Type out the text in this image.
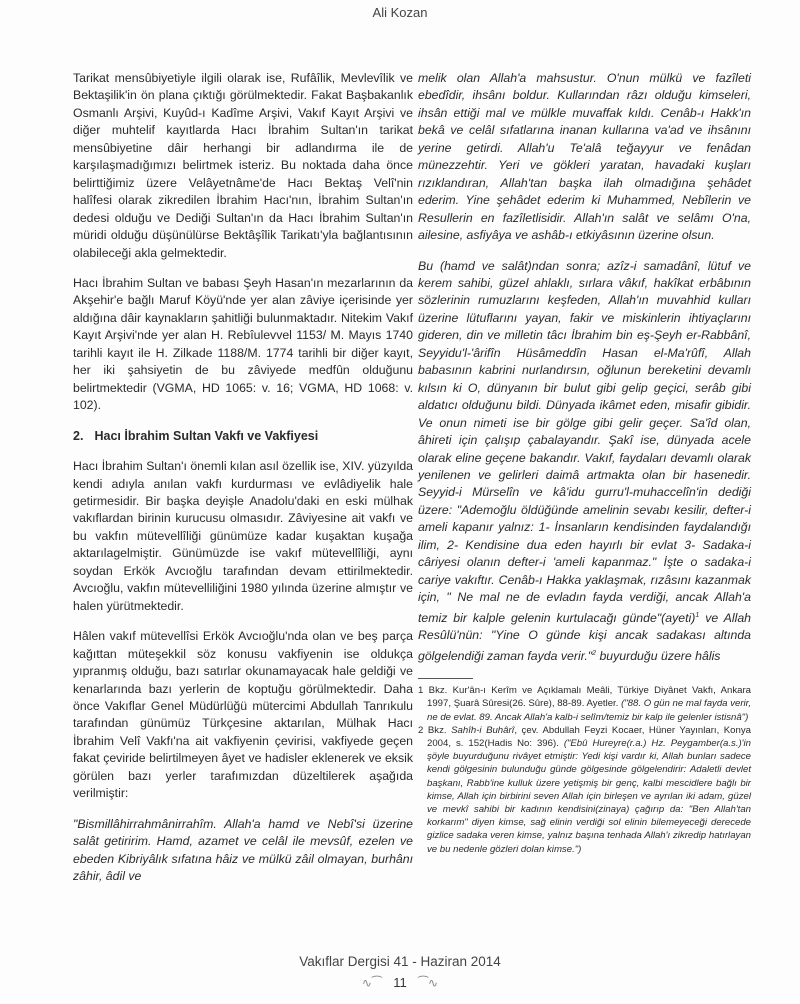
Ali Kozan

Tarikat mensûbiyetiyle ilgili olarak ise, Rufâîlik, Mevlevîlik ve Bektaşilik'in ön plana çıktığı görülmektedir. Fakat Başbakanlık Osmanlı Arşivi, Kuyûd-ı Kadîme Arşivi, Vakıf Kayıt Arşivi ve diğer muhtelif kayıtlarda Hacı İbrahim Sultan'ın tarikat mensûbiyetine dâir herhangi bir adlandırma ile de karşılaşmadığımızı belirtmek isteriz. Bu noktada daha önce belirttiğimiz üzere Velâyetnâme'de Hacı Bektaş Velî'nin halîfesi olarak zikredilen İbrahim Hacı'nın, İbrahim Sultan'ın dedesi olduğu ve Dediği Sultan'ın da Hacı İbrahim Sultan'ın müridi olduğu düşünülürse Bektâşîlik Tarikatı'yla bağlantısının olabileceği akla gelmektedir.

Hacı İbrahim Sultan ve babası Şeyh Hasan'ın mezarlarının da Akşehir'e bağlı Maruf Köyü'nde yer alan zâviye içerisinde yer aldığına dâir kaynakların şahitliği bulunmaktadır. Nitekim Vakıf Kayıt Arşivi'nde yer alan H. Rebîulevvel 1153/ M. Mayıs 1740 tarihli kayıt ile H. Zilkade 1188/M. 1774 tarihli bir diğer kayıt, her iki şahsiyetin de bu zâviyede medfûn olduğunu belirtmektedir (VGMA, HD 1065: v. 16; VGMA, HD 1068: v. 102).

2. Hacı İbrahim Sultan Vakfı ve Vakfiyesi

Hacı İbrahim Sultan'ı önemli kılan asıl özellik ise, XIV. yüzyılda kendi adıyla anılan vakfı kurdurması ve evlâdiyelik hale getirmesidir. Bir başka deyişle Anadolu'daki en eski mülhak vakıflardan birinin kurucusu olmasıdır. Zâviyesine ait vakfı ve bu vakfın mütevellîliği günümüze kadar kuşaktan kuşağa aktarılagelmiştir. Günümüzde ise vakıf mütevellîliği, aynı soydan Erkök Avcıoğlu tarafından devam ettirilmektedir. Avcıoğlu, vakfın mütevelliliğini 1980 yılında üzerine almıştır ve halen yürütmektedir.

Hâlen vakıf mütevellîsi Erkök Avcıoğlu'nda olan ve beş parça kağıttan müteşekkil söz konusu vakfiyenin ise oldukça yıpranmış olduğu, bazı satırlar okunamayacak hale geldiği ve kenarlarında bazı yerlerin de koptuğu görülmektedir. Daha önce Vakıflar Genel Müdürlüğü mütercimi Abdullah Tanrıkulu tarafından günümüz Türkçesine aktarılan, Mülhak Hacı İbrahim Velî Vakfı'na ait vakfiyenin çevirisi, vakfiyede geçen fakat çeviride belirtilmeyen âyet ve hadisler eklenerek ve eksik görülen bazı yerler tarafımızdan düzeltilerek aşağıda verilmiştir:

"Bismillâhirrahmânirrahîm. Allah'a hamd ve Nebî'si üzerine salât getiririm. Hamd, azamet ve celâl ile mevsûf, ezelen ve ebeden Kibriyâlık sıfatına hâiz ve mülkü zâil olmayan, burhânı zâhir, âdil ve

melik olan Allah'a mahsustur. O'nun mülkü ve fazîleti ebedîdir, ihsânı boldur. Kullarından râzı olduğu kimseleri, ihsân ettiği mal ve mülkle muvaffak kıldı. Cenâb-ı Hakk'ın bekâ ve celâl sıfatlarına inanan kullarına va'ad ve ihsânını yerine getirdi. Allah'u Te'alâ teğayyur ve fenâdan münezzehtir. Yeri ve gökleri yaratan, havadaki kuşları rızıklandıran, Allah'tan başka ilah olmadığına şehâdet ederim. Yine şehâdet ederim ki Muhammed, Nebîlerin ve Resullerin en fazîletlisidir. Allah'ın salât ve selâmı O'na, ailesine, asfiyâya ve ashâb-ı etkiyâsının üzerine olsun.

Bu (hamd ve salât)ndan sonra; azîz-i samadânî, lütuf ve kerem sahibi, güzel ahlaklı, sırlara vâkıf, hakîkat erbâbının sözlerinin rumuzlarını keşfeden, Allah'ın muvahhid kulları üzerine lütuflarını yayan, fakir ve miskinlerin ihtiyaçlarını gideren, din ve milletin tâcı İbrahim bin eş-Şeyh er-Rabbânî, Seyyidu'l-'ârifîn Hüsâmeddîn Hasan el-Ma'rûfî, Allah babasının kabrini nurlandırsın, oğlunun bereketini devamlı kılsın ki O, dünyanın bir bulut gibi gelip geçici, serâb gibi aldatıcı olduğunu bildi. Dünyada ikâmet eden, misafir gibidir. Ve onun nimeti ise bir gölge gibi gelir geçer. Sa'îd olan, âhireti için çalışıp çabalayandır. Şakî ise, dünyada acele olarak eline geçene bakandır. Vakıf, faydaları devamlı olarak yenilenen ve gelirleri daimâ artmakta olan bir hasenedir. Seyyid-i Mürselîn ve kâ'idu gurru'l-muhaccelîn'in dediği üzere: "Ademoğlu öldüğünde amelinin sevabı kesilir, defter-i ameli kapanır yalnız: 1- İnsanların kendisinden faydalandığı ilim, 2- Kendisine dua eden hayırlı bir evlat 3- Sadaka-i câriyesi olanın defter-i 'ameli kapanmaz." İşte o sadaka-i cariye vakıftır. Cenâb-ı Hakka yaklaşmak, rızâsını kazanmak için, " Ne mal ne de evladın fayda verdiği, ancak Allah'a temiz bir kalple gelenin kurtulacağı günde"(ayeti)$^1$ ve Allah Resûlü'nün: "Yine O günde kişi ancak sadakası altında gölgelendiği zaman fayda verir."$^2$ buyurduğu üzere hâlis

1 Bkz. Kur'ân-ı Kerîm ve Açıklamalı Meâli, Türkiye Diyânet Vakfı, Ankara 1997, Şuarâ Sûresi(26. Sûre), 88-89. Ayetler. ("88. O gün ne mal fayda verir, ne de evlat. 89. Ancak Allah'a kalb-i selîm/temiz bir kalp ile gelenler istisnâ")
2 Bkz. Sahîh-i Buhârî, çev. Abdullah Feyzi Kocaer, Hüner Yayınları, Konya 2004, s. 152(Hadis No: 396). ("Ebû Hureyre(r.a.) Hz. Peygamber(a.s.)'in şöyle buyurduğunu rivâyet etmiştir: Yedi kişi vardır ki, Allah bunları sadece kendi gölgesinin bulunduğu günde gölgesinde gölgelendirir: Adaletli devlet başkanı, Rabb'ine kulluk üzere yetişmiş bir genç, kalbi mescidlere bağlı bir kimse, Allah için birbirini seven Allah için birleşen ve ayrılan iki adam, güzel ve mevkî sahibi bir kadının kendisini(zinaya) çağırıp da: "Ben Allah'tan korkarım" diyen kimse, sağ elinin verdiği sol elinin bilemeyeceği derecede gizlice sadaka veren kimse, yalnız başına tenhada Allah'ı zikredip hatırlayan ve bu nedenle gözleri dolan kimse.")
Vakıflar Dergisi 41 - Haziran 2014
∿⁀ 11 ⁀∿
